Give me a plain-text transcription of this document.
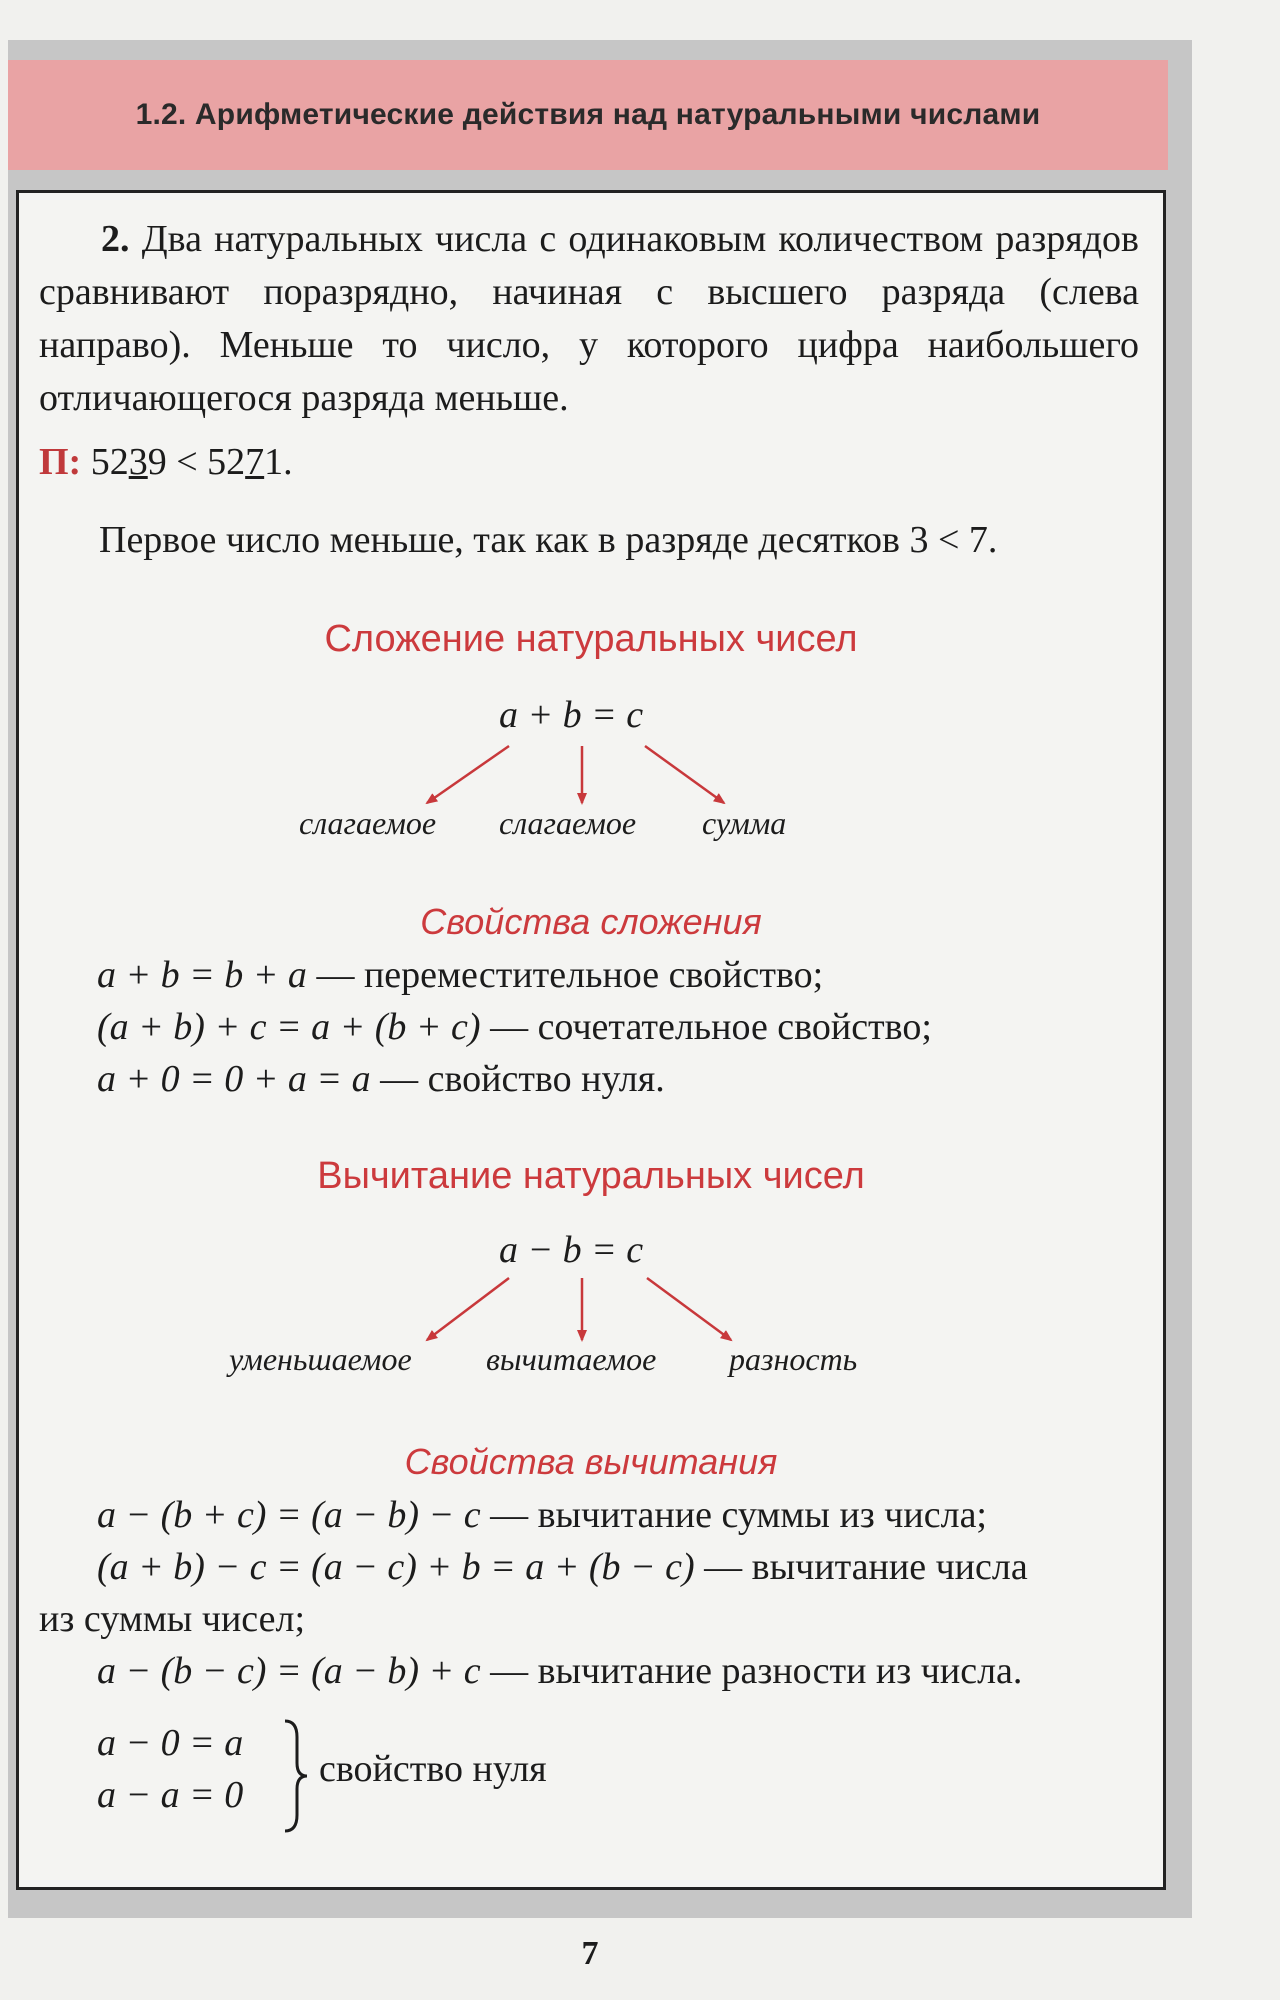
1.2. Арифметические действия над натуральными числами
2. Два натуральных числа с одинаковым количеством разрядов сравнивают поразрядно, начиная с высшего разряда (слева направо). Меньше то число, у которого цифра наибольшего отличающегося разряда меньше.
П: 5239 < 5271.
Первое число меньше, так как в разряде десятков 3 < 7.
Сложение натуральных чисел
a + b = c
слагаемое слагаемое сумма
Свойства сложения
a + b = b + a — переместительное свойство;
(a + b) + c = a + (b + c) — сочетательное свойство;
a + 0 = 0 + a = a — свойство нуля.
Вычитание натуральных чисел
a − b = c
уменьшаемое вычитаемое разность
Свойства вычитания
a − (b + c) = (a − b) − c — вычитание суммы из числа;
(a + b) − c = (a − c) + b = a + (b − c) — вычитание числа
из суммы чисел;
a − (b − c) = (a − b) + c — вычитание разности из числа.
a − 0 = a
a − a = 0
свойство нуля
7
